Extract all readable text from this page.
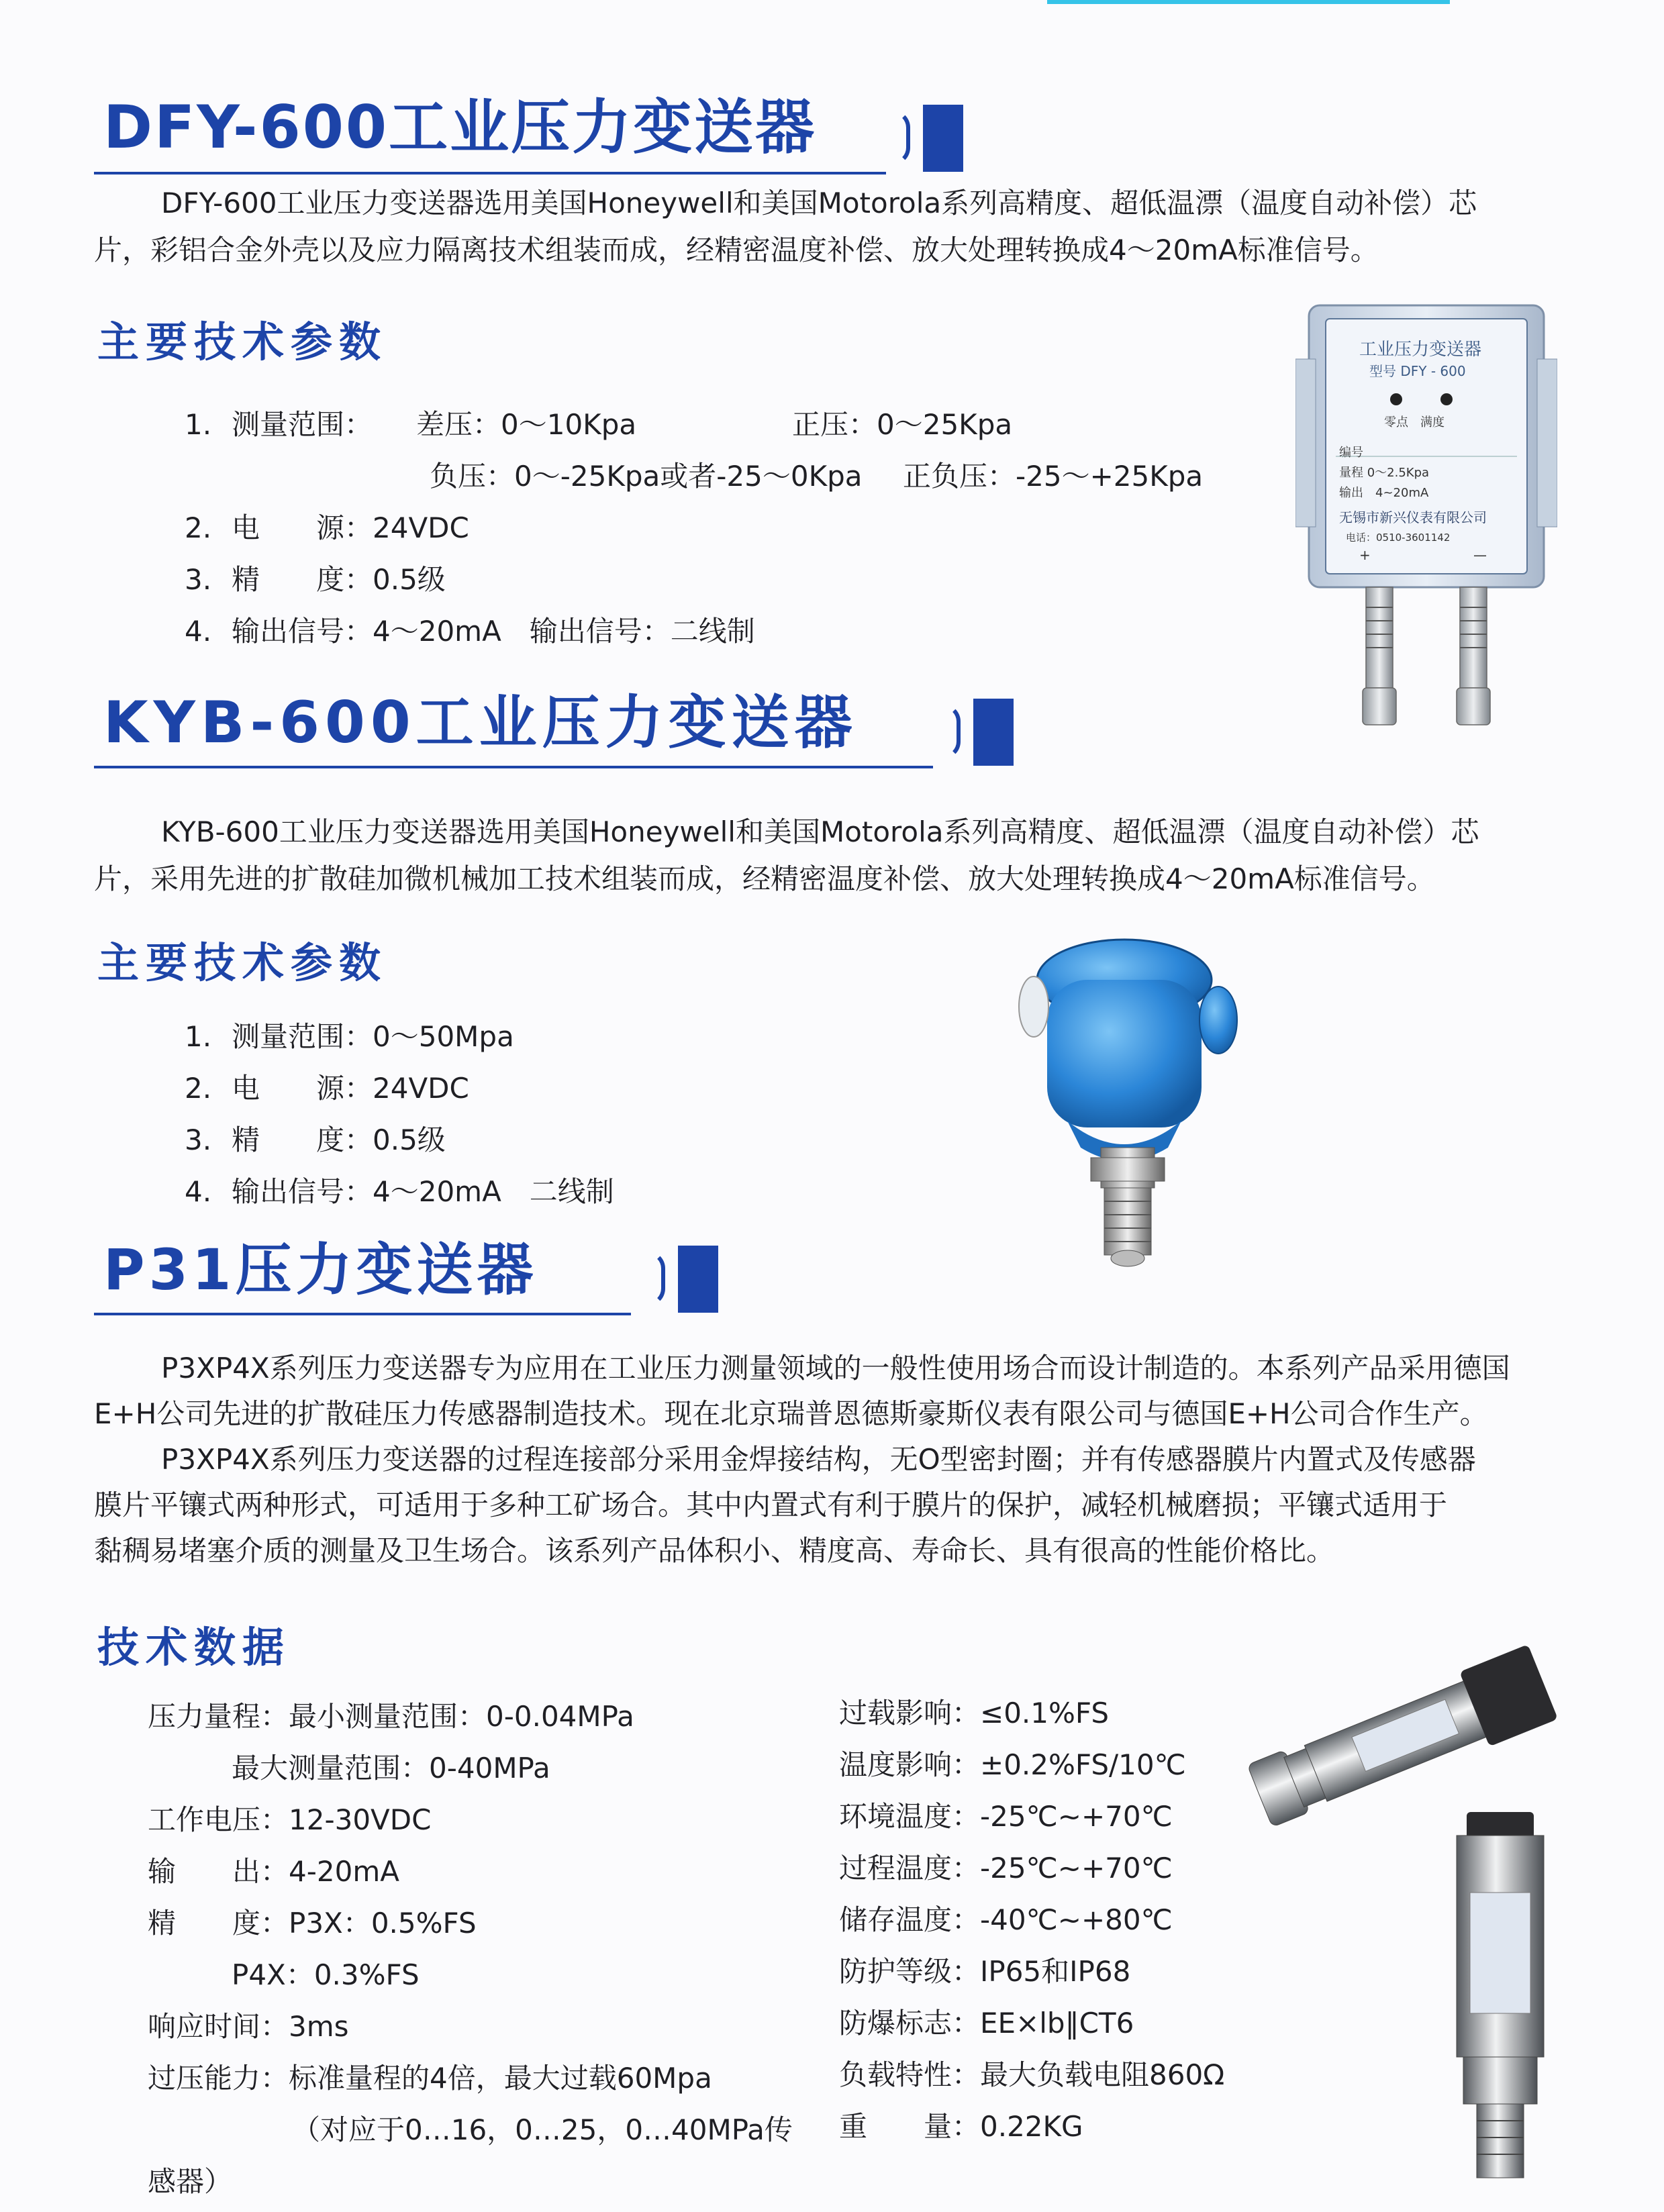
DFY-600工业压力变送器

DFY-600工业压力变送器选用美国Honeywell和美国Motorola系列高精度、超低温漂（温度自动补偿）芯

片，彩铝合金外壳以及应力隔离技术组装而成，经精密温度补偿、放大处理转换成4～20mA标准信号。

主要技术参数
1. 测量范围： 差压：0～10Kpa	正压：0～25Kpa
负压：0～-25Kpa或者-25～0Kpa 正负压：-25～+25Kpa
2. 电　　源：24VDC
3. 精　　度：0.5级
4. 输出信号：4～20mA　输出信号：二线制
工业压力变送器
型号 DFY - 600
零点　满度
编号
量程 0～2.5Kpa
输出　4~20mA
无锡市新兴仪表有限公司
电话：0510-3601142
+	—
KYB-600工业压力变送器

KYB-600工业压力变送器选用美国Honeywell和美国Motorola系列高精度、超低温漂（温度自动补偿）芯

片，采用先进的扩散硅加微机械加工技术组装而成，经精密温度补偿、放大处理转换成4～20mA标准信号。

主要技术参数
1. 测量范围：0～50Mpa
2. 电　　源：24VDC
3. 精　　度：0.5级
4. 输出信号：4～20mA　二线制
P31压力变送器

P3XP4X系列压力变送器专为应用在工业压力测量领域的一般性使用场合而设计制造的。本系列产品采用德国

E+H公司先进的扩散硅压力传感器制造技术。现在北京瑞普恩德斯豪斯仪表有限公司与德国E+H公司合作生产。

P3XP4X系列压力变送器的过程连接部分采用金焊接结构，无O型密封圈；并有传感器膜片内置式及传感器

膜片平镶式两种形式，可适用于多种工矿场合。其中内置式有利于膜片的保护，减轻机械磨损；平镶式适用于

黏稠易堵塞介质的测量及卫生场合。该系列产品体积小、精度高、寿命长、具有很高的性能价格比。

技术数据
压力量程：最小测量范围：0-0.04MPa
最大测量范围：0-40MPa
工作电压：12-30VDC
输　　出：4-20mA
精　　度：P3X：0.5%FS
P4X：0.3%FS
响应时间：3ms
过压能力：标准量程的4倍，最大过载60Mpa
（对应于0…16，0…25，0…40MPa传
感器）
过载影响：≤0.1%FS
温度影响：±0.2%FS/10℃
环境温度：-25℃~+70℃
过程温度：-25℃~+70℃
储存温度：-40℃~+80℃
防护等级：IP65和IP68
防爆标志：EE×lb‖CT6
负载特性：最大负载电阻860Ω
重　　量：0.22KG
